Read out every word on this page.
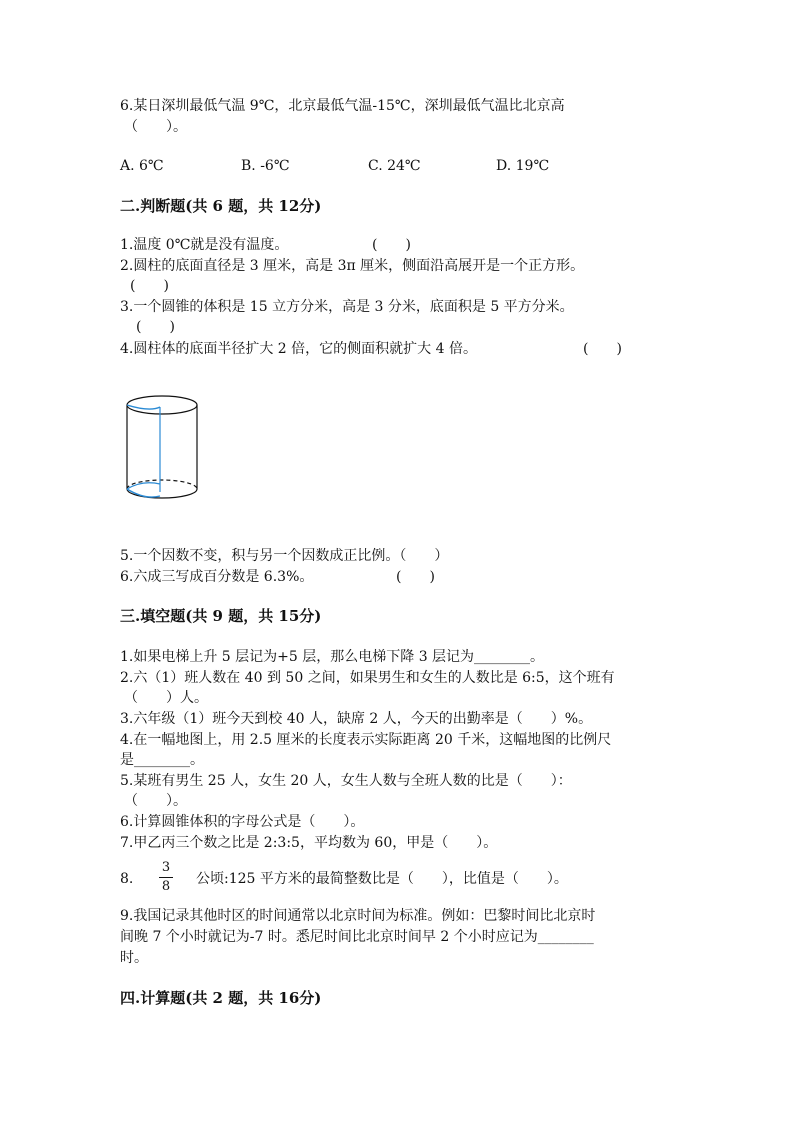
6.某日深圳最低气温 9℃，北京最低气温-15℃，深圳最低气温比北京高
（　　）。
A. 6℃	B. -6℃	C. 24℃	D. 19℃
二.判断题(共 6 题，共 12分)
1.温度 0℃就是没有温度。	(　　)
2.圆柱的底面直径是 3 厘米，高是 3π 厘米，侧面沿高展开是一个正方形。
(　　)
3.一个圆锥的体积是 15 立方分米，高是 3 分米，底面积是 5 平方分米。
(　　)
4.圆柱体的底面半径扩大 2 倍，它的侧面积就扩大 4 倍。	(　　)
5.一个因数不变，积与另一个因数成正比例。（　　）
6.六成三写成百分数是 6.3%。	(　　)
三.填空题(共 9 题，共 15分)
1.如果电梯上升 5 层记为+5 层，那么电梯下降 3 层记为________。
2.六（1）班人数在 40 到 50 之间，如果男生和女生的人数比是 6:5，这个班有
（　　）人。
3.六年级（1）班今天到校 40 人，缺席 2 人，今天的出勤率是（　　）%。
4.在一幅地图上，用 2.5 厘米的长度表示实际距离 20 千米，这幅地图的比例尺
是________。
5.某班有男生 25 人，女生 20 人，女生人数与全班人数的比是（　　）：
（　　）。
6.计算圆锥体积的字母公式是（　　）。
7.甲乙丙三个数之比是 2:3:5，平均数为 60，甲是（　　）。
8.
3
8 公顷:125 平方米的最简整数比是（　　），比值是（　　）。
9.我国记录其他时区的时间通常以北京时间为标准。例如：巴黎时间比北京时
间晚 7 个小时就记为-7 时。悉尼时间比北京时间早 2 个小时应记为________
时。
四.计算题(共 2 题，共 16分)
